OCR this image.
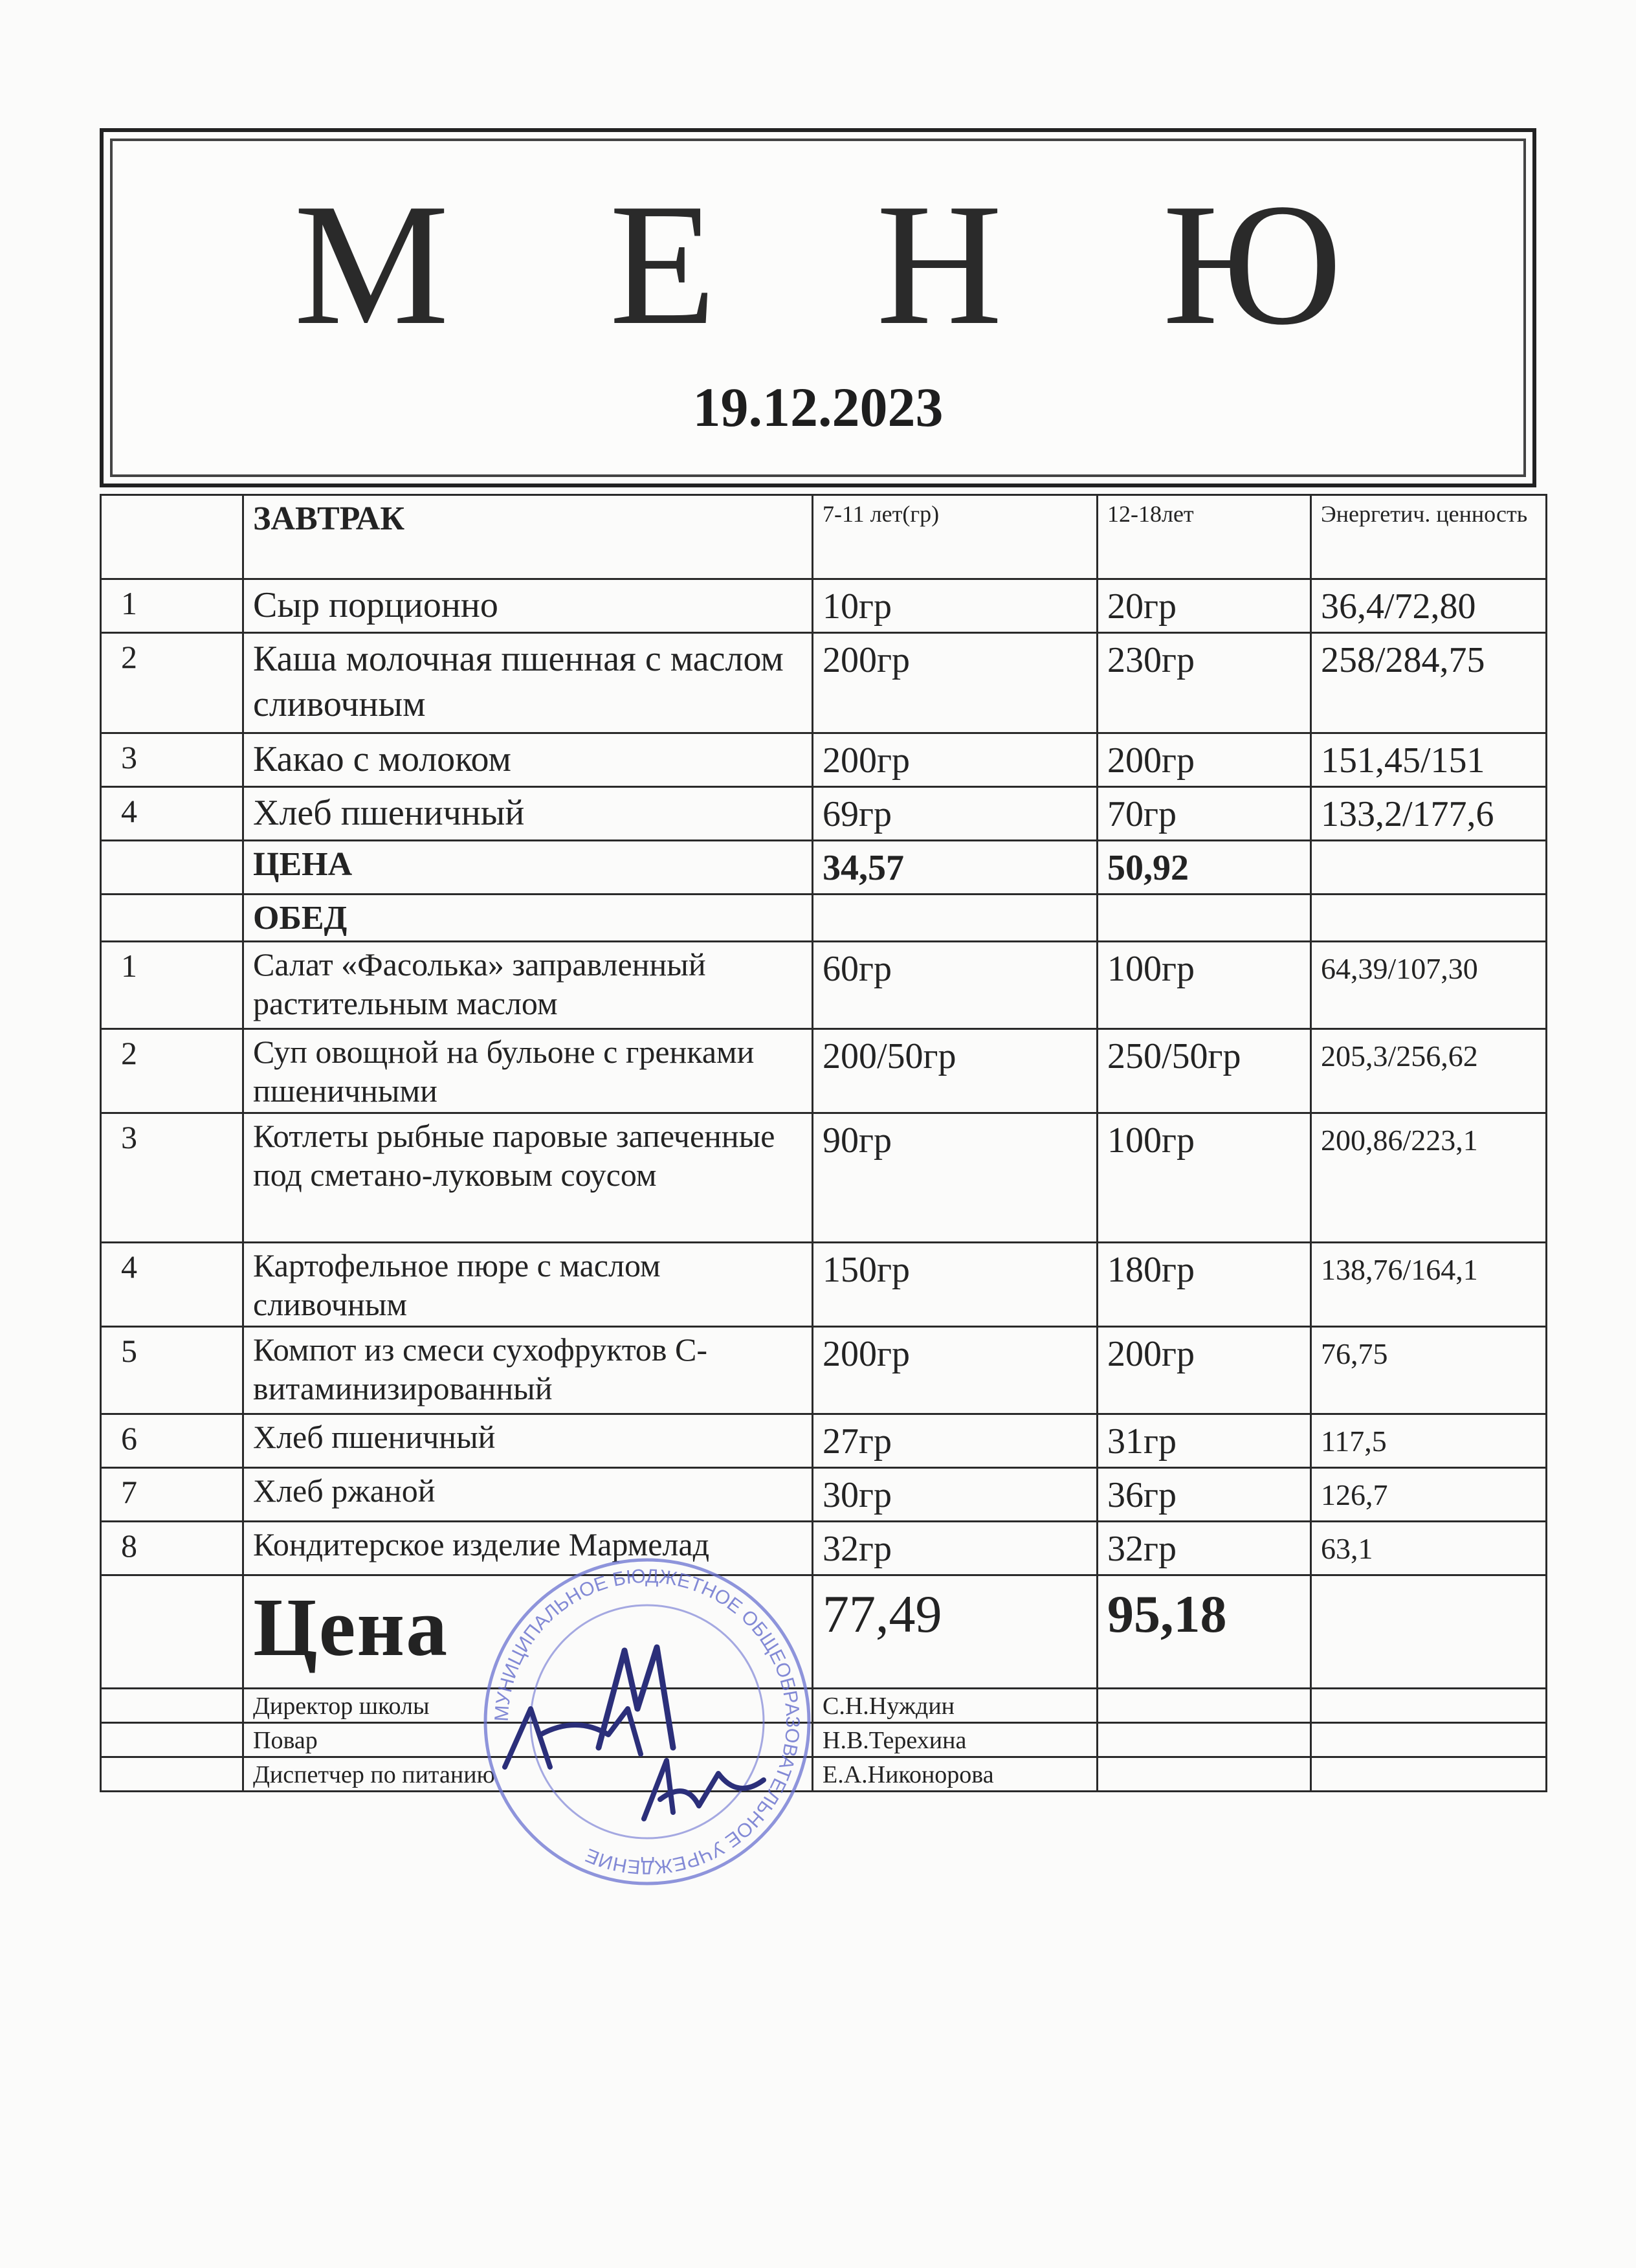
М Е Н Ю
19.12.2023
	ЗАВТРАК	7-11 лет(гр)	12-18лет	Энергетич. ценность
1	Сыр порционно	10гр	20гр	36,4/72,80
2	Каша молочная пшенная с маслом сливочным	200гр	230гр	258/284,75
3	Какао с молоком	200гр	200гр	151,45/151
4	Хлеб пшеничный	69гр	70гр	133,2/177,6
	ЦЕНА	34,57	50,92	
	ОБЕД			
1	Салат «Фасолька» заправленный растительным маслом	60гр	100гр	64,39/107,30
2	Суп овощной на бульоне с гренками пшеничными	200/50гр	250/50гр	205,3/256,62
3	Котлеты рыбные паровые запеченные под сметано-луковым соусом	90гр	100гр	200,86/223,1
4	Картофельное пюре с маслом сливочным	150гр	180гр	138,76/164,1
5	Компот из смеси сухофруктов С-витаминизированный	200гр	200гр	76,75
6	Хлеб пшеничный	27гр	31гр	117,5
7	Хлеб ржаной	30гр	36гр	126,7
8	Кондитерское изделие Мармелад	32гр	32гр	63,1
	Цена	77,49	95,18	
	Директор школы	С.Н.Нуждин		
	Повар	Н.В.Терехина		
	Диспетчер по питанию	Е.А.Никонорова		
МУНИЦИПАЛЬНОЕ БЮДЖЕТНОЕ ОБЩЕОБРАЗОВАТЕЛЬНОЕ УЧРЕЖДЕНИЕ
